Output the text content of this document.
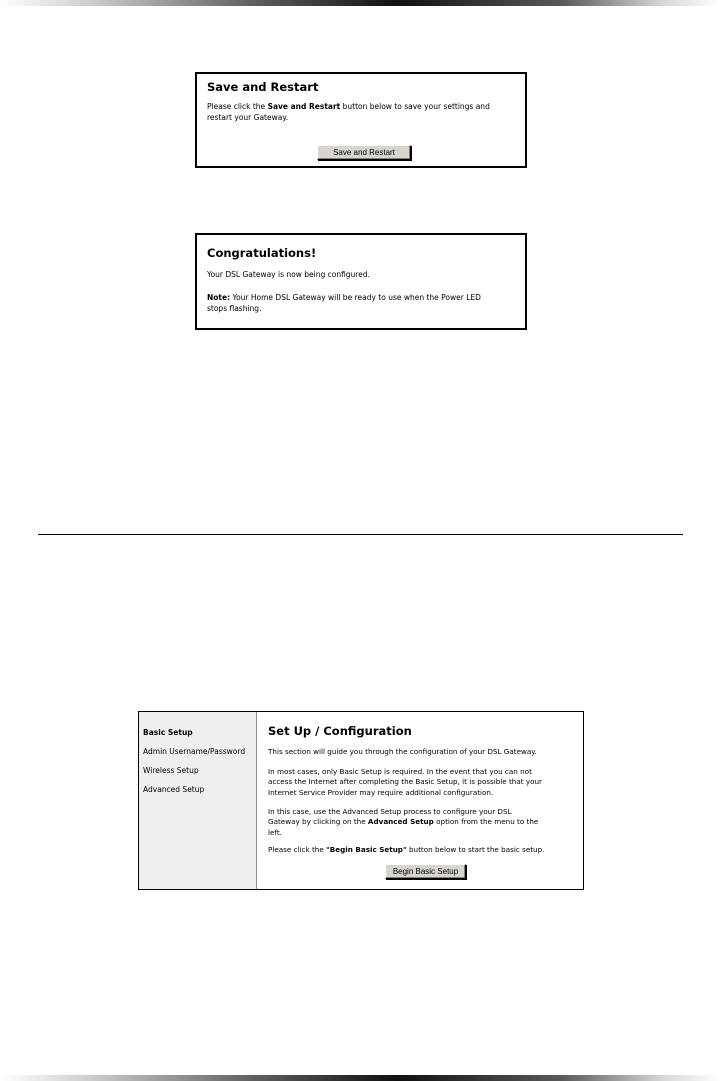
Save and Restart
Please click the Save and Restart button below to save your settings and
restart your Gateway.
Save and Restart
Congratulations!
Your DSL Gateway is now being configured.
Note: Your Home DSL Gateway will be ready to use when the Power LED
stops flashing.
Basic Setup
Admin Username/Password
Wireless Setup
Advanced Setup
Set Up / Configuration
This section will guide you through the configuration of your DSL Gateway.
In most cases, only Basic Setup is required. In the event that you can not
access the Internet after completing the Basic Setup, it is possible that your
Internet Service Provider may require additional configuration.
In this case, use the Advanced Setup process to configure your DSL
Gateway by clicking on the Advanced Setup option from the menu to the
left.
Please click the "Begin Basic Setup" button below to start the basic setup.
Begin Basic Setup
